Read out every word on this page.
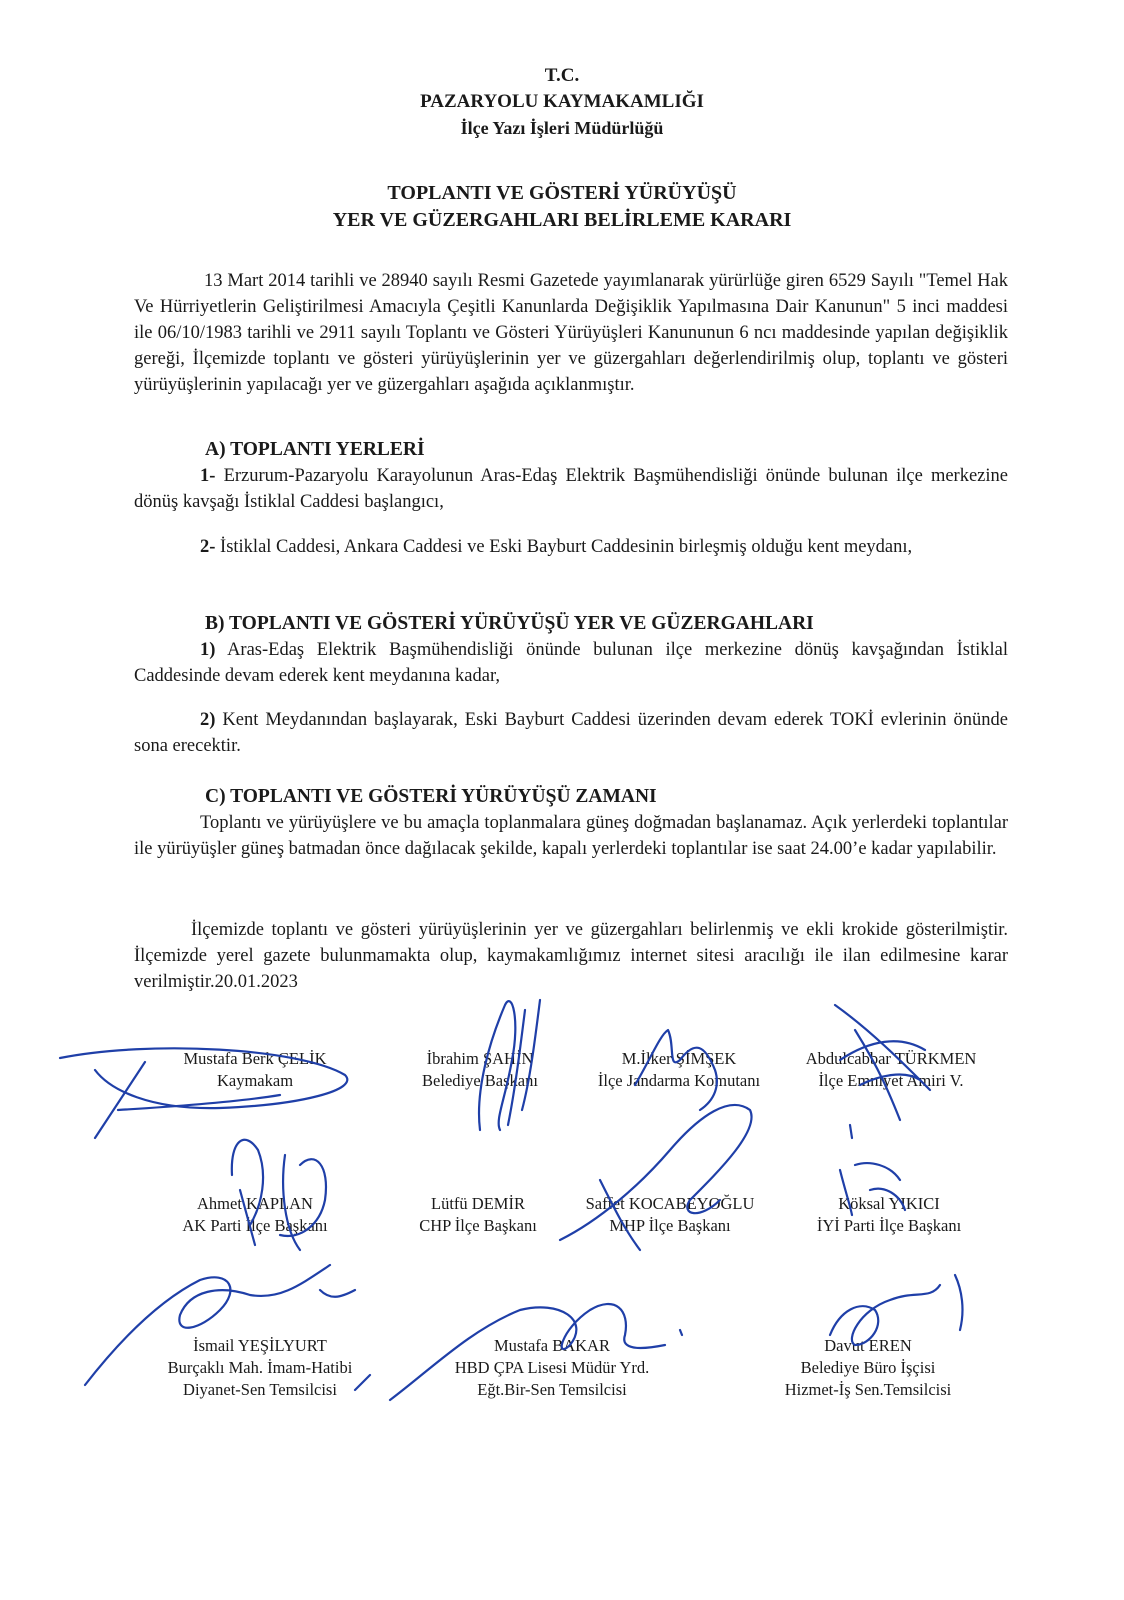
T.C.
PAZARYOLU KAYMAKAMLIĞI
İlçe Yazı İşleri Müdürlüğü
TOPLANTI VE GÖSTERİ YÜRÜYÜŞÜ
YER VE GÜZERGAHLARI BELİRLEME KARARI
13 Mart 2014 tarihli ve 28940 sayılı Resmi Gazetede yayımlanarak yürürlüğe giren 6529 Sayılı "Temel Hak Ve Hürriyetlerin Geliştirilmesi Amacıyla Çeşitli Kanunlarda Değişiklik Yapılmasına Dair Kanunun" 5 inci maddesi ile 06/10/1983 tarihli ve 2911 sayılı Toplantı ve Gösteri Yürüyüşleri Kanununun 6 ncı maddesinde yapılan değişiklik gereği, İlçemizde toplantı ve gösteri yürüyüşlerinin yer ve güzergahları değerlendirilmiş olup, toplantı ve gösteri yürüyüşlerinin yapılacağı yer ve güzergahları aşağıda açıklanmıştır.
A) TOPLANTI YERLERİ
1- Erzurum-Pazaryolu Karayolunun Aras-Edaş Elektrik Başmühendisliği önünde bulunan ilçe merkezine dönüş kavşağı İstiklal Caddesi başlangıcı,
2- İstiklal Caddesi, Ankara Caddesi ve Eski Bayburt Caddesinin birleşmiş olduğu kent meydanı,
B) TOPLANTI VE GÖSTERİ YÜRÜYÜŞÜ YER VE GÜZERGAHLARI
1) Aras-Edaş Elektrik Başmühendisliği önünde bulunan ilçe merkezine dönüş kavşağından İstiklal Caddesinde devam ederek kent meydanına kadar,
2) Kent Meydanından başlayarak, Eski Bayburt Caddesi üzerinden devam ederek TOKİ evlerinin önünde sona erecektir.
C) TOPLANTI VE GÖSTERİ YÜRÜYÜŞÜ ZAMANI
Toplantı ve yürüyüşlere ve bu amaçla toplanmalara güneş doğmadan başlanamaz. Açık yerlerdeki toplantılar ile yürüyüşler güneş batmadan önce dağılacak şekilde, kapalı yerlerdeki toplantılar ise saat 24.00’e kadar yapılabilir.
İlçemizde toplantı ve gösteri yürüyüşlerinin yer ve güzergahları belirlenmiş ve ekli krokide gösterilmiştir. İlçemizde yerel gazete bulunmamakta olup, kaymakamlığımız internet sitesi aracılığı ile ilan edilmesine karar verilmiştir.20.01.2023
Mustafa Berk ÇELİK
Kaymakam
İbrahim ŞAHİN
Belediye Başkanı
M.İlker ŞİMŞEK
İlçe Jandarma Komutanı
Abdulcabbar TÜRKMEN
İlçe Emniyet Amiri V.
Ahmet KAPLAN
AK Parti İlçe Başkanı
Lütfü DEMİR
CHP İlçe Başkanı
Saffet KOCABEYOĞLU
MHP İlçe Başkanı
Köksal YIKICI
İYİ Parti İlçe Başkanı
İsmail YEŞİLYURT
Burçaklı Mah. İmam-Hatibi
Diyanet-Sen Temsilcisi
Mustafa BAKAR
HBD ÇPA Lisesi Müdür Yrd.
Eğt.Bir-Sen Temsilcisi
Davut EREN
Belediye Büro İşçisi
Hizmet-İş Sen.Temsilcisi
